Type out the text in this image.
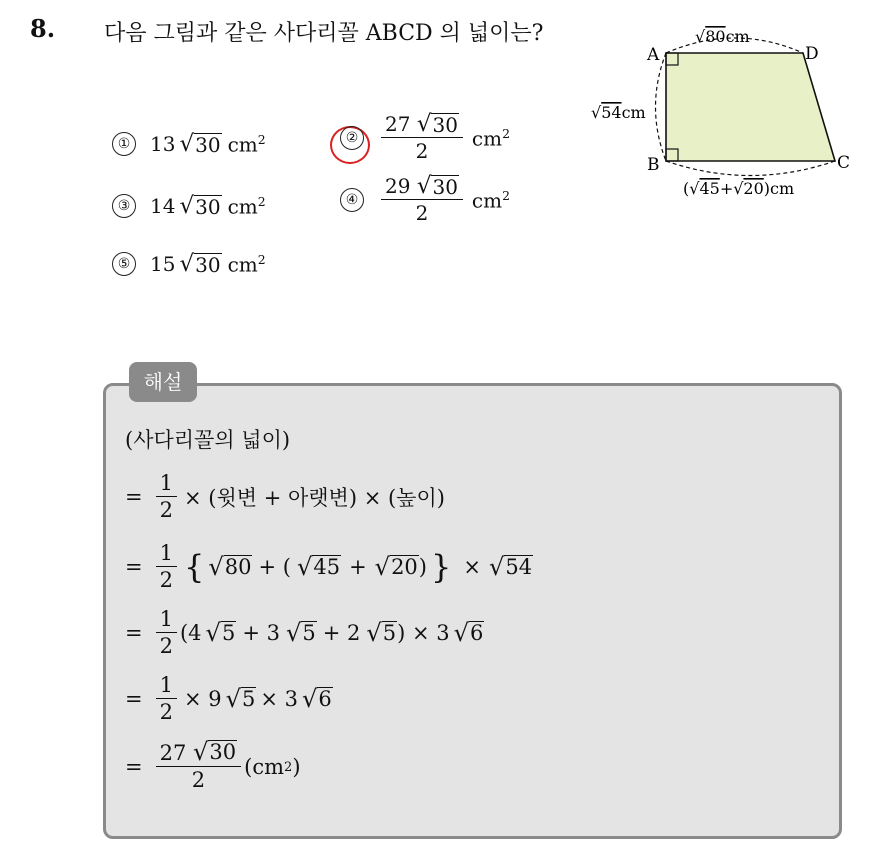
8. 다음 그림과 같은 사다리꼴 ABCD 의 넓이는?
① 13 √ 30 $cm^2$	② $\frac{27 √ 30}{2} cm^2$
③ 14 √ 30 $cm^2$	④ $\frac{29 √ 30}{2} cm^2$
⑤ 15 √ 30 $cm^2$
A
B	C
D
√80cm
√54cm
(√45+√20)cm
해설
(사다리꼴의 넓이)
= $\frac{1}{2}$ × (윗변 + 아랫변) × (높이)
= $\frac{1}{2}$ { √ 80 + ( √ 45 + √ 20 ) } × √ 54
= $\frac{1}{2} (4$ √ 5 + 3 √ 5 + 2 √ 5 ) × 3 √ 6
= $\frac{1}{2} \times 9$ √ 5 × 3 √ 6
= $\frac{27 √ 30}{2}$ ( cm 2 )
